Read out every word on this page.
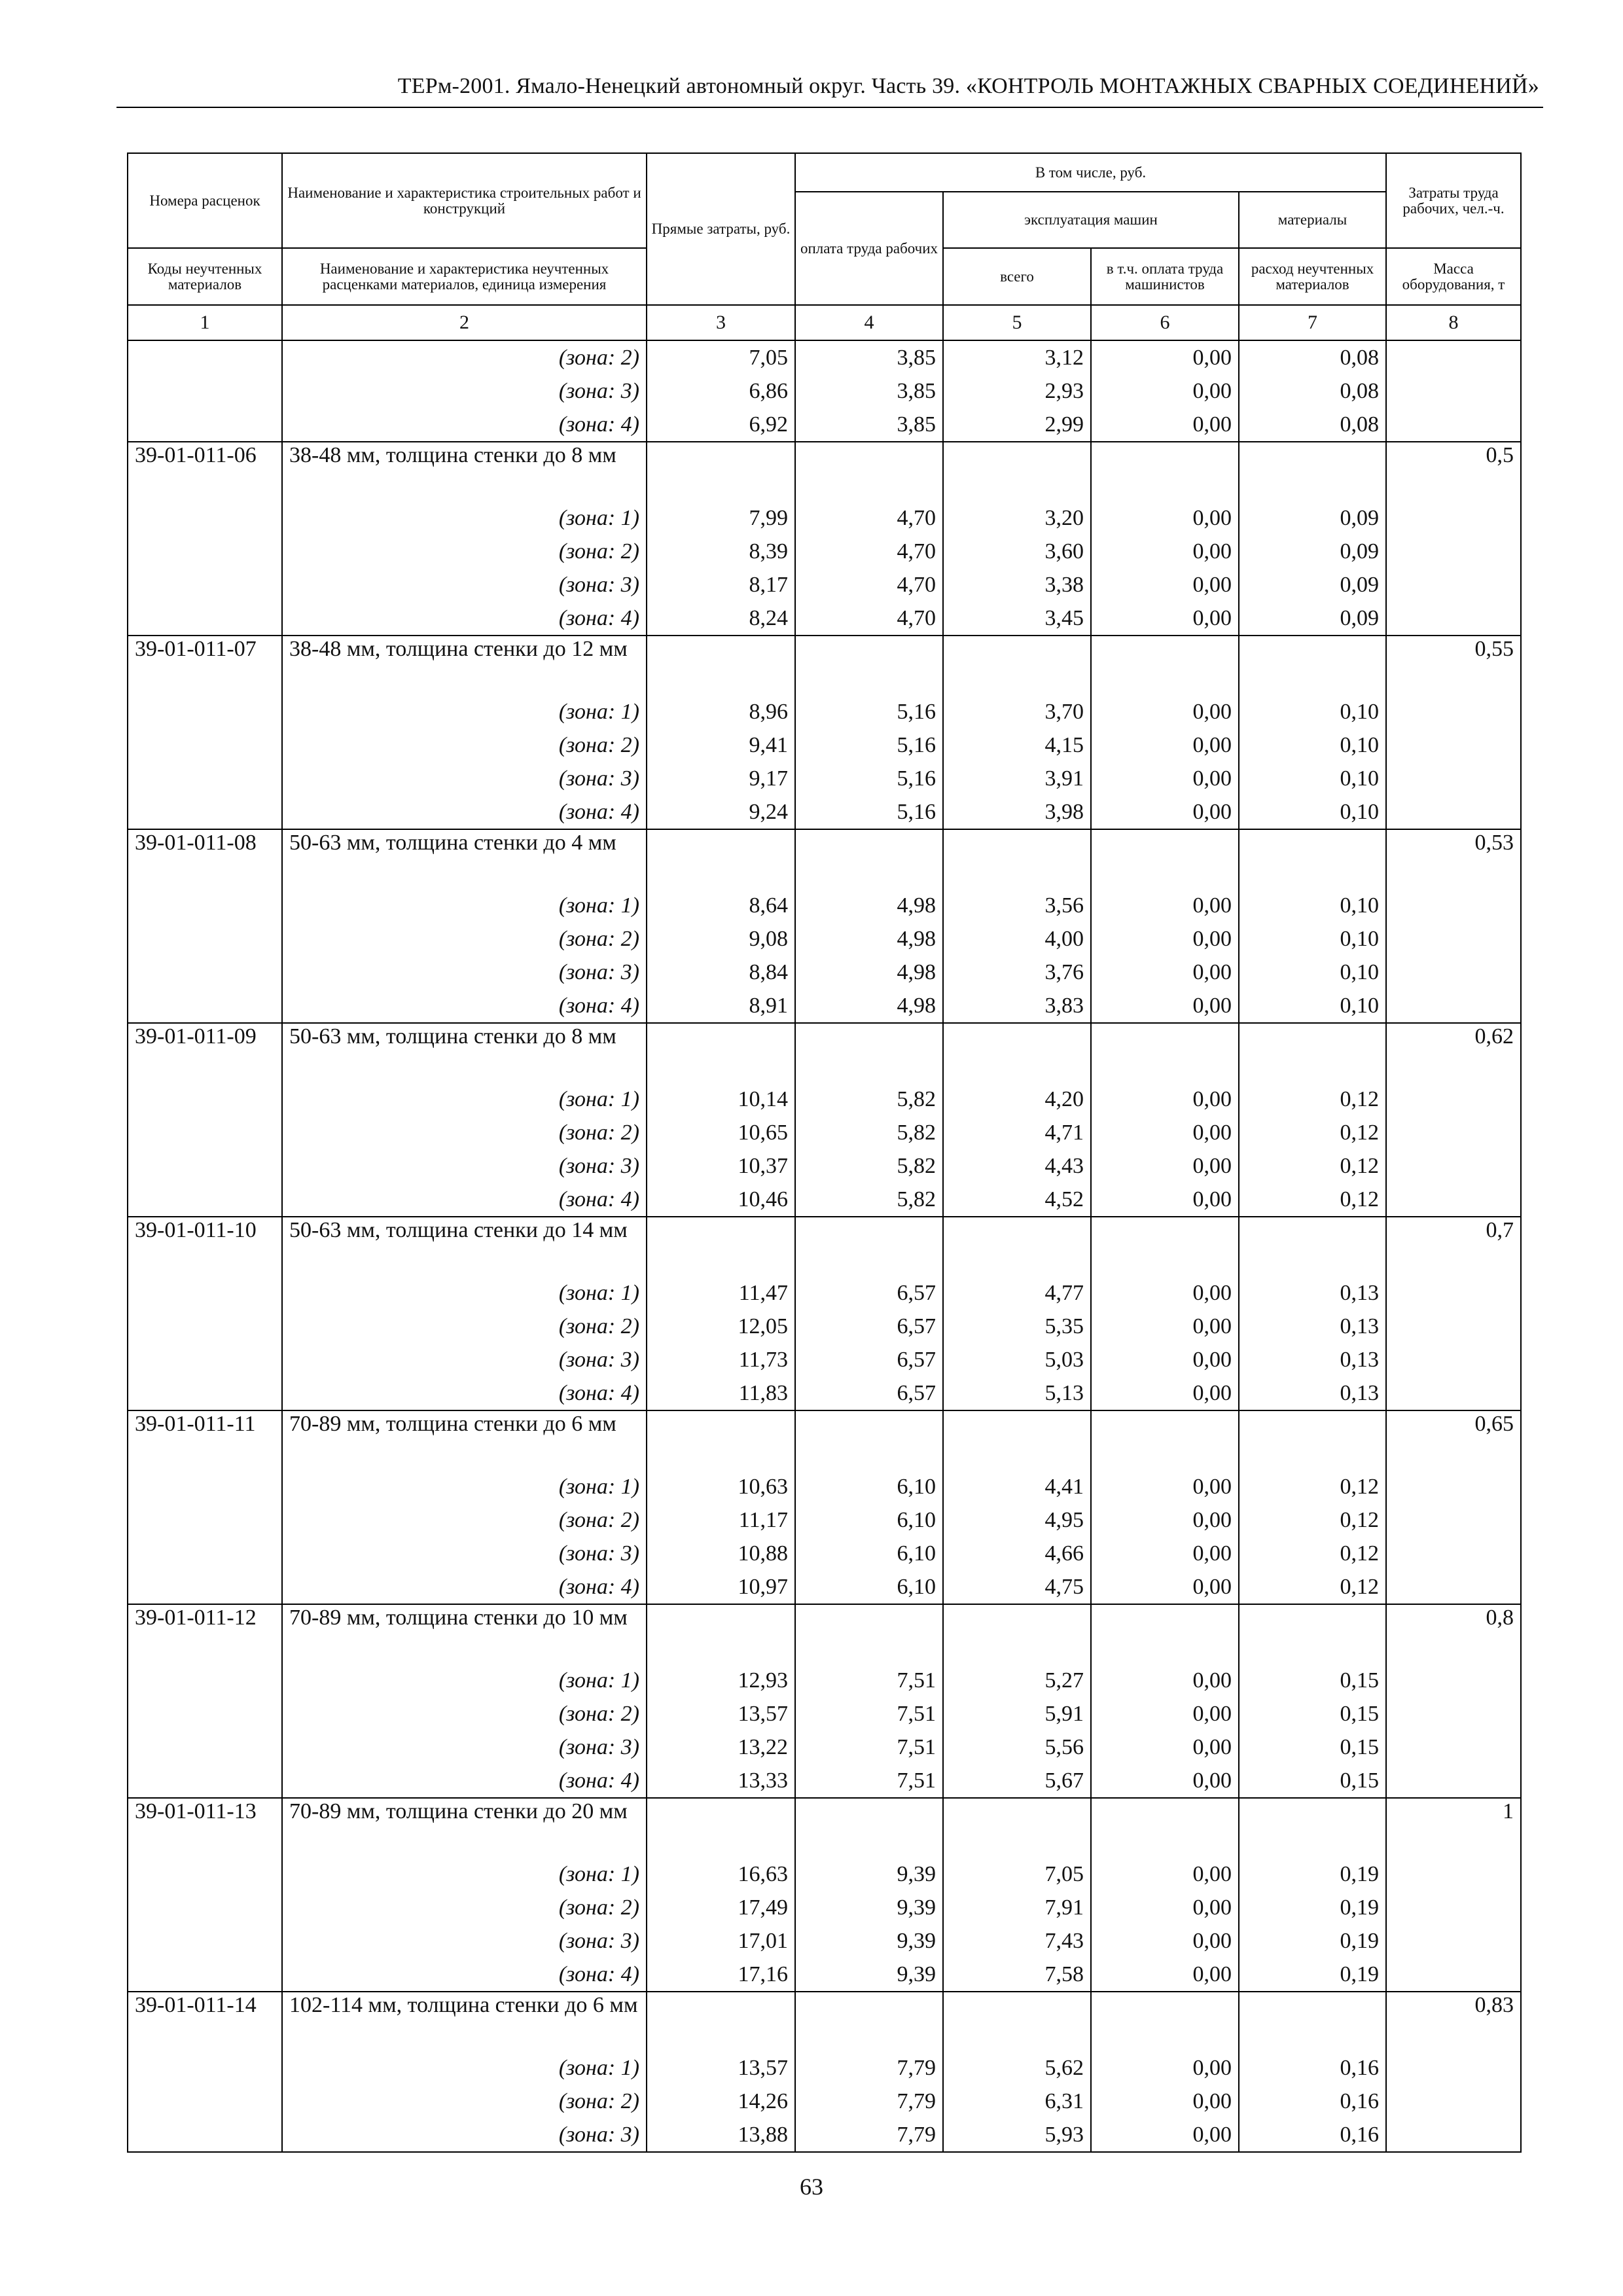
ТЕРм-2001. Ямало-Ненецкий автономный округ. Часть 39. «КОНТРОЛЬ МОНТАЖНЫХ СВАРНЫХ СОЕДИНЕНИЙ»
Номера расценок	Наименование и характеристика строительных работ и конструкций	Прямые затраты, руб.	В том числе, руб.				Затраты труда рабочих, чел.-ч.
			оплата труда рабочих	эксплуатация машин		материалы	
Коды неучтенных материалов	Наименование и характеристика неучтенных расценками материалов, единица измерения			всего	в т.ч. оплата труда машинистов	расход неучтенных материалов	Масса оборудования, т
1	2	3	4	5	6	7	8
	(зона: 2)	7,05	3,85	3,12	0,00	0,08	
	(зона: 3)	6,86	3,85	2,93	0,00	0,08	
	(зона: 4)	6,92	3,85	2,99	0,00	0,08	
39-01-011-06	38-48 мм, толщина стенки до 8 мм						0,5
	(зона: 1)	7,99	4,70	3,20	0,00	0,09	
	(зона: 2)	8,39	4,70	3,60	0,00	0,09	
	(зона: 3)	8,17	4,70	3,38	0,00	0,09	
	(зона: 4)	8,24	4,70	3,45	0,00	0,09	
39-01-011-07	38-48 мм, толщина стенки до 12 мм						0,55
	(зона: 1)	8,96	5,16	3,70	0,00	0,10	
	(зона: 2)	9,41	5,16	4,15	0,00	0,10	
	(зона: 3)	9,17	5,16	3,91	0,00	0,10	
	(зона: 4)	9,24	5,16	3,98	0,00	0,10	
39-01-011-08	50-63 мм, толщина стенки до 4 мм						0,53
	(зона: 1)	8,64	4,98	3,56	0,00	0,10	
	(зона: 2)	9,08	4,98	4,00	0,00	0,10	
	(зона: 3)	8,84	4,98	3,76	0,00	0,10	
	(зона: 4)	8,91	4,98	3,83	0,00	0,10	
39-01-011-09	50-63 мм, толщина стенки до 8 мм						0,62
	(зона: 1)	10,14	5,82	4,20	0,00	0,12	
	(зона: 2)	10,65	5,82	4,71	0,00	0,12	
	(зона: 3)	10,37	5,82	4,43	0,00	0,12	
	(зона: 4)	10,46	5,82	4,52	0,00	0,12	
39-01-011-10	50-63 мм, толщина стенки до 14 мм						0,7
	(зона: 1)	11,47	6,57	4,77	0,00	0,13	
	(зона: 2)	12,05	6,57	5,35	0,00	0,13	
	(зона: 3)	11,73	6,57	5,03	0,00	0,13	
	(зона: 4)	11,83	6,57	5,13	0,00	0,13	
39-01-011-11	70-89 мм, толщина стенки до 6 мм						0,65
	(зона: 1)	10,63	6,10	4,41	0,00	0,12	
	(зона: 2)	11,17	6,10	4,95	0,00	0,12	
	(зона: 3)	10,88	6,10	4,66	0,00	0,12	
	(зона: 4)	10,97	6,10	4,75	0,00	0,12	
39-01-011-12	70-89 мм, толщина стенки до 10 мм						0,8
	(зона: 1)	12,93	7,51	5,27	0,00	0,15	
	(зона: 2)	13,57	7,51	5,91	0,00	0,15	
	(зона: 3)	13,22	7,51	5,56	0,00	0,15	
	(зона: 4)	13,33	7,51	5,67	0,00	0,15	
39-01-011-13	70-89 мм, толщина стенки до 20 мм						1
	(зона: 1)	16,63	9,39	7,05	0,00	0,19	
	(зона: 2)	17,49	9,39	7,91	0,00	0,19	
	(зона: 3)	17,01	9,39	7,43	0,00	0,19	
	(зона: 4)	17,16	9,39	7,58	0,00	0,19	
39-01-011-14	102-114 мм, толщина стенки до 6 мм						0,83
	(зона: 1)	13,57	7,79	5,62	0,00	0,16	
	(зона: 2)	14,26	7,79	6,31	0,00	0,16	
	(зона: 3)	13,88	7,79	5,93	0,00	0,16	
63
